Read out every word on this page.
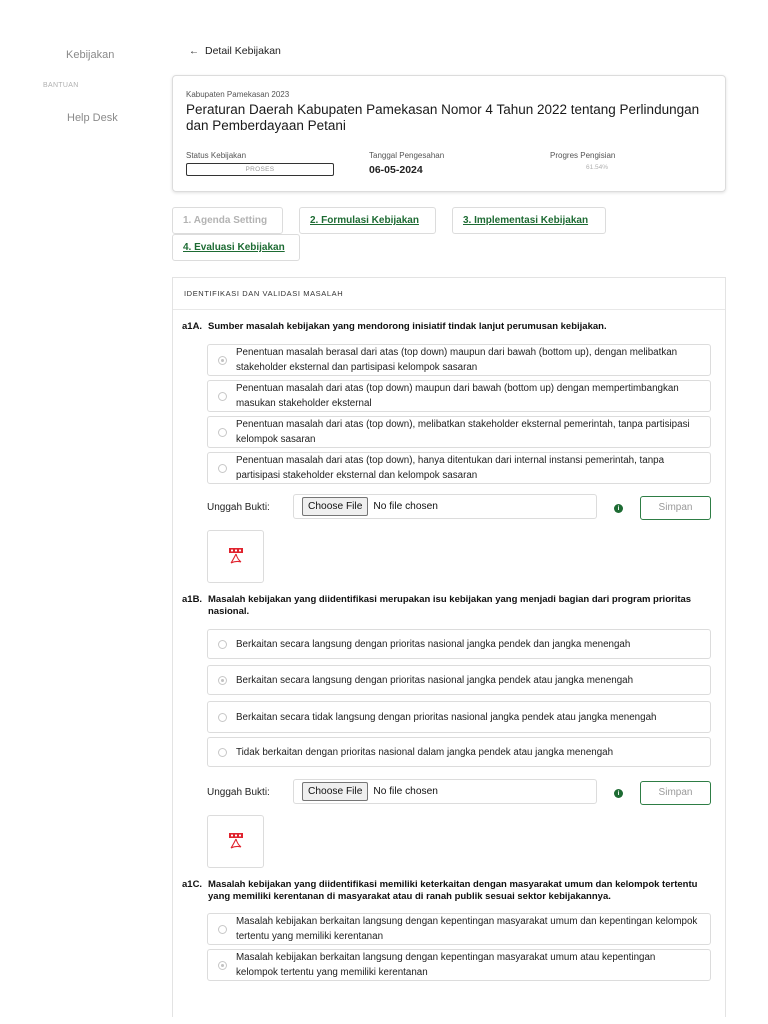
Kebijakan
BANTUAN
Help Desk
← Detail Kebijakan
Kabupaten Pamekasan 2023
Peraturan Daerah Kabupaten Pamekasan Nomor 4 Tahun 2022 tentang Perlindungan dan Pemberdayaan Petani
Status Kebijakan
PROSES
Tanggal Pengesahan
06-05-2024
Progres Pengisian
61.54%
1. Agenda Setting	2. Formulasi Kebijakan	3. Implementasi Kebijakan
4. Evaluasi Kebijakan
IDENTIFIKASI DAN VALIDASI MASALAH
a1A. Sumber masalah kebijakan yang mendorong inisiatif tindak lanjut perumusan kebijakan.
Penentuan masalah berasal dari atas (top down) maupun dari bawah (bottom up), dengan melibatkan stakeholder eksternal dan partisipasi kelompok sasaran
Penentuan masalah dari atas (top down) maupun dari bawah (bottom up) dengan mempertimbangkan masukan stakeholder eksternal
Penentuan masalah dari atas (top down), melibatkan stakeholder eksternal pemerintah, tanpa partisipasi kelompok sasaran
Penentuan masalah dari atas (top down), hanya ditentukan dari internal instansi pemerintah, tanpa partisipasi stakeholder eksternal dan kelompok sasaran
Unggah Bukti:	Choose File	No file chosen	i	Simpan
a1B. Masalah kebijakan yang diidentifikasi merupakan isu kebijakan yang menjadi bagian dari program prioritas nasional.
Berkaitan secara langsung dengan prioritas nasional jangka pendek dan jangka menengah
Berkaitan secara langsung dengan prioritas nasional jangka pendek atau jangka menengah
Berkaitan secara tidak langsung dengan prioritas nasional jangka pendek atau jangka menengah
Tidak berkaitan dengan prioritas nasional dalam jangka pendek atau jangka menengah
Unggah Bukti:	Choose File	No file chosen	i	Simpan
a1C. Masalah kebijakan yang diidentifikasi memiliki keterkaitan dengan masyarakat umum dan kelompok tertentu yang memiliki kerentanan di masyarakat atau di ranah publik sesuai sektor kebijakannya.
Masalah kebijakan berkaitan langsung dengan kepentingan masyarakat umum dan kepentingan kelompok tertentu yang memiliki kerentanan
Masalah kebijakan berkaitan langsung dengan kepentingan masyarakat umum atau kepentingan kelompok tertentu yang memiliki kerentanan
